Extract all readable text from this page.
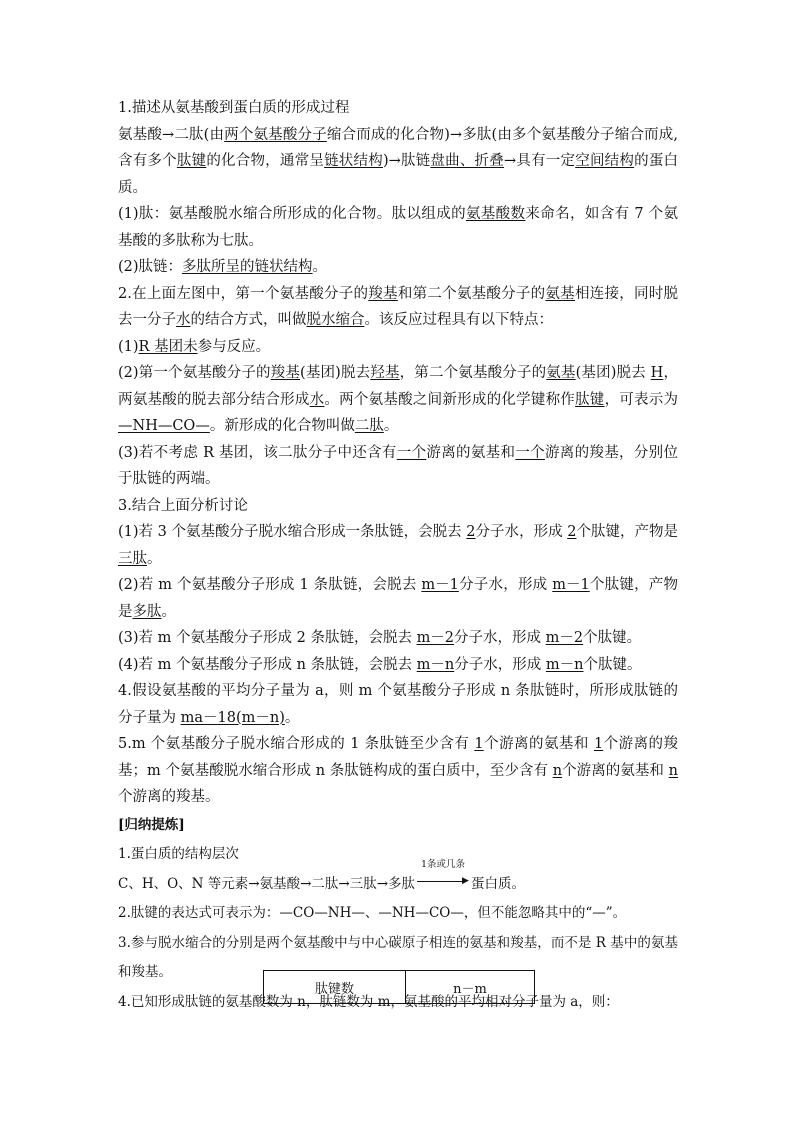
1.描述从氨基酸到蛋白质的形成过程

氨基酸→二肽(由两个氨基酸分子缩合而成的化合物)→多肽(由多个氨基酸分子缩合而成,含有多个肽键的化合物，通常呈链状结构)→肽链盘曲、折叠→具有一定空间结构的蛋白质。

(1)肽：氨基酸脱水缩合所形成的化合物。肽以组成的氨基酸数来命名，如含有 7 个氨基酸的多肽称为七肽。

(2)肽链：多肽所呈的链状结构。

2.在上面左图中，第一个氨基酸分子的羧基和第二个氨基酸分子的氨基相连接，同时脱去一分子水的结合方式，叫做脱水缩合。该反应过程具有以下特点：

(1)R 基团未参与反应。

(2)第一个氨基酸分子的羧基(基团)脱去羟基，第二个氨基酸分子的氨基(基团)脱去 H，两氨基酸的脱去部分结合形成水。两个氨基酸之间新形成的化学键称作肽键，可表示为—NH—CO—。新形成的化合物叫做二肽。

(3)若不考虑 R 基团，该二肽分子中还含有一个游离的氨基和一个游离的羧基，分别位于肽链的两端。

3.结合上面分析讨论

(1)若 3 个氨基酸分子脱水缩合形成一条肽链，会脱去 2分子水，形成 2个肽键，产物是三肽。

(2)若 m 个氨基酸分子形成 1 条肽链，会脱去 m－1分子水，形成 m－1个肽键，产物是多肽。

(3)若 m 个氨基酸分子形成 2 条肽链，会脱去 m－2分子水，形成 m－2个肽键。

(4)若 m 个氨基酸分子形成 n 条肽链，会脱去 m－n分子水，形成 m－n个肽键。

4.假设氨基酸的平均分子量为 a，则 m 个氨基酸分子形成 n 条肽链时，所形成肽链的分子量为 ma－18(m－n)。

5.m 个氨基酸分子脱水缩合形成的 1 条肽链至少含有 1个游离的氨基和 1个游离的羧基；m 个氨基酸脱水缩合形成 n 条肽链构成的蛋白质中，至少含有 n个游离的氨基和 n个游离的羧基。

[归纳提炼]

1.蛋白质的结构层次

C、H、O、N 等元素→氨基酸→二肽→三肽→多肽
1条或几条
▶ 蛋白质。

2.肽键的表达式可表示为：—CO—NH—、—NH—CO—，但不能忽略其中的“—”。

3.参与脱水缩合的分别是两个氨基酸中与中心碳原子相连的氨基和羧基，而不是 R 基中的氨基和羧基。

4.已知形成肽链的氨基酸数为 n，肽链数为 m，氨基酸的平均相对分子量为 a，则：

肽键数	n－m
